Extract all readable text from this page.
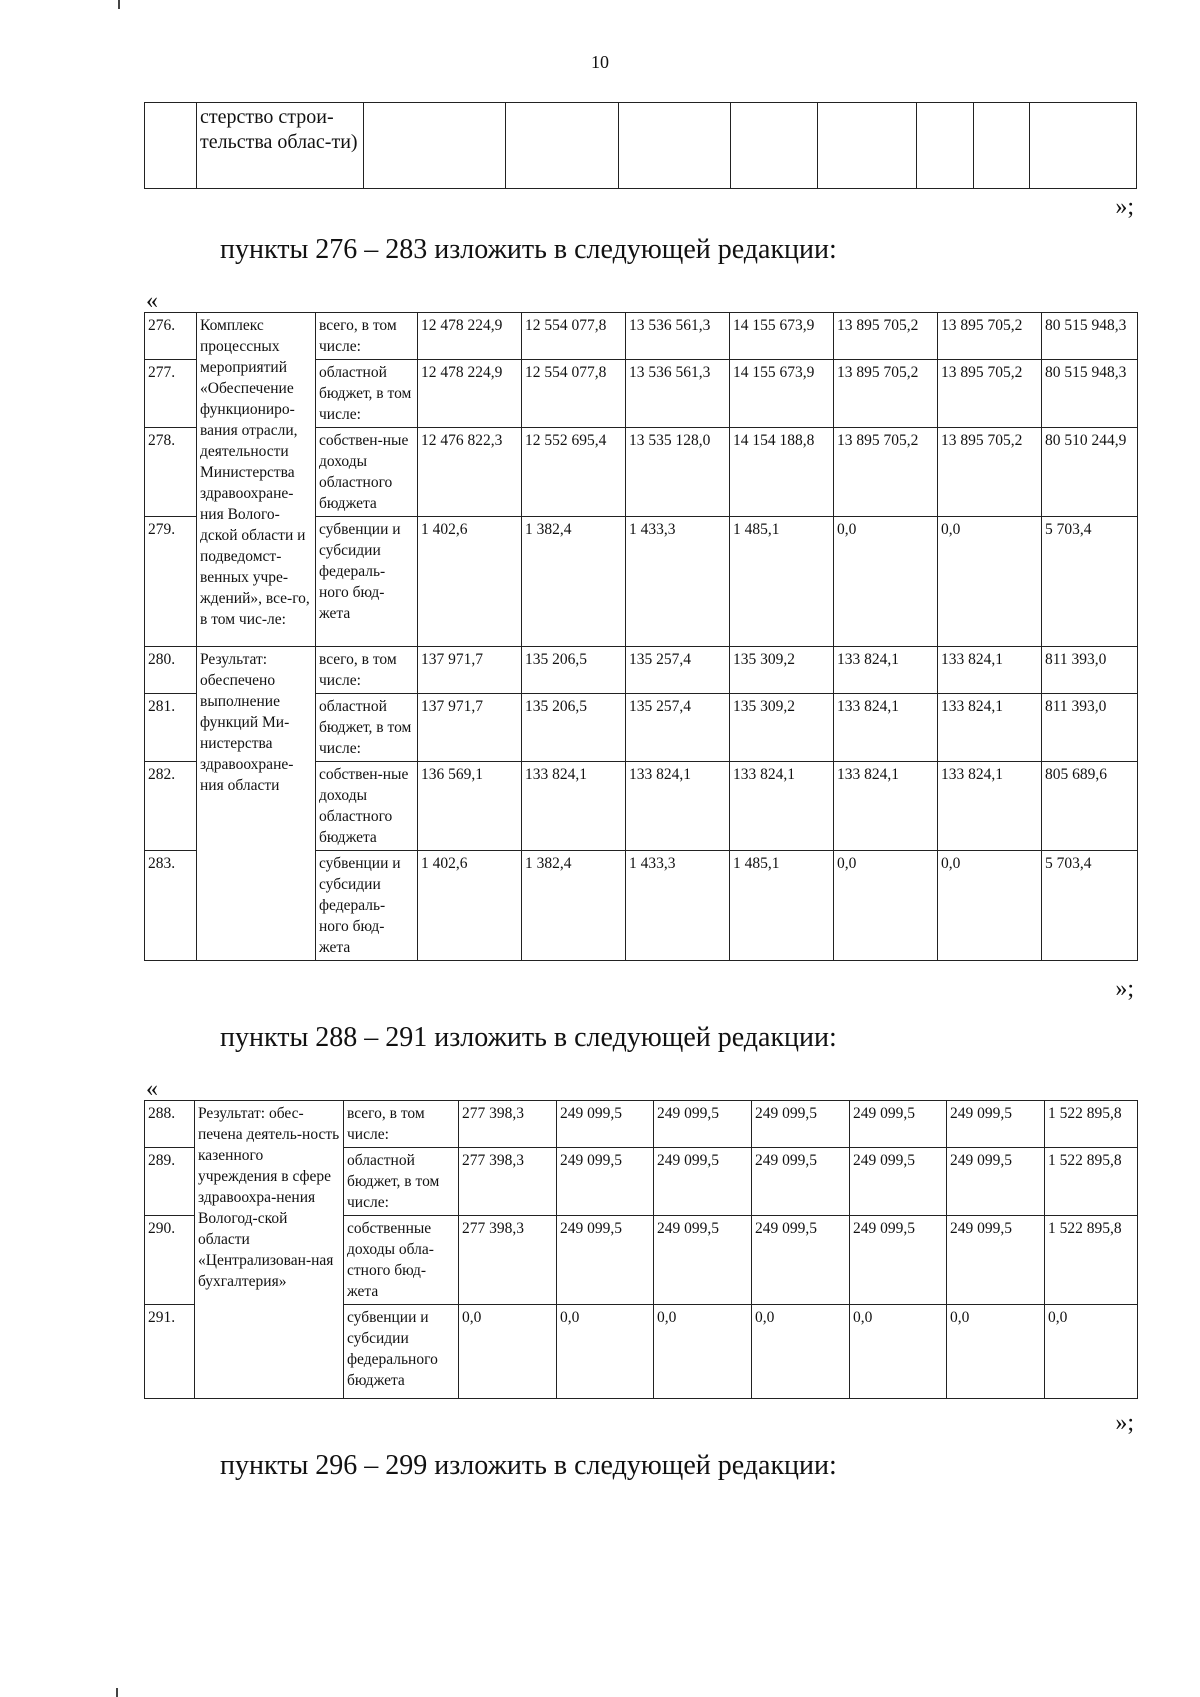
10
	стерство строи-тельства облас-ти)								
»;
пункты 276 – 283 изложить в следующей редакции:
«
276.	Комплекс процессных мероприятий «Обеспечение функциониро-вания отрасли, деятельности Министерства здравоохране-ния Волого-дской области и подведомст-венных учре-ждений», все-го, в том чис-ле:	всего, в том числе:	12 478 224,9	12 554 077,8	13 536 561,3	14 155 673,9	13 895 705,2	13 895 705,2	80 515 948,3
277.		областной бюджет, в том числе:	12 478 224,9	12 554 077,8	13 536 561,3	14 155 673,9	13 895 705,2	13 895 705,2	80 515 948,3
278.		собствен-ные доходы областного бюджета	12 476 822,3	12 552 695,4	13 535 128,0	14 154 188,8	13 895 705,2	13 895 705,2	80 510 244,9
279.		субвенции и субсидии федераль-ного бюд-жета	1 402,6	1 382,4	1 433,3	1 485,1	0,0	0,0	5 703,4
280.	Результат: обеспечено выполнение функций Ми-нистерства здравоохране-ния области	всего, в том числе:	137 971,7	135 206,5	135 257,4	135 309,2	133 824,1	133 824,1	811 393,0
281.		областной бюджет, в том числе:	137 971,7	135 206,5	135 257,4	135 309,2	133 824,1	133 824,1	811 393,0
282.		собствен-ные доходы областного бюджета	136 569,1	133 824,1	133 824,1	133 824,1	133 824,1	133 824,1	805 689,6
283.		субвенции и субсидии федераль-ного бюд-жета	1 402,6	1 382,4	1 433,3	1 485,1	0,0	0,0	5 703,4
»;
пункты 288 – 291 изложить в следующей редакции:
«
288.	Результат: обес-печена деятель-ность казенного учреждения в сфере здравоохра-нения Вологод-ской области «Централизован-ная бухгалтерия»	всего, в том числе:	277 398,3	249 099,5	249 099,5	249 099,5	249 099,5	249 099,5	1 522 895,8
289.		областной бюджет, в том числе:	277 398,3	249 099,5	249 099,5	249 099,5	249 099,5	249 099,5	1 522 895,8
290.		собственные доходы обла-стного бюд-жета	277 398,3	249 099,5	249 099,5	249 099,5	249 099,5	249 099,5	1 522 895,8
291.		субвенции и субсидии федерального бюджета	0,0	0,0	0,0	0,0	0,0	0,0	0,0
»;
пункты 296 – 299 изложить в следующей редакции:
